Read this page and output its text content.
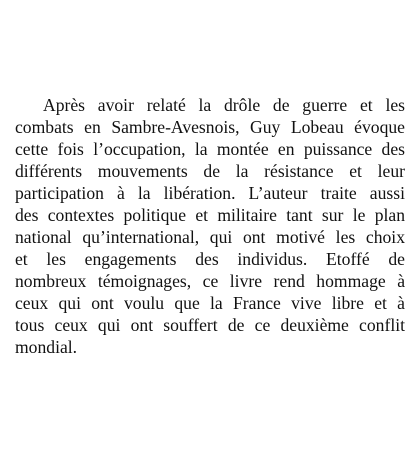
Après avoir relaté la drôle de guerre et les
combats en Sambre-Avesnois, Guy Lobeau évoque
cette fois l’occupation, la montée en puissance des
différents mouvements de la résistance et leur
participation à la libération. L’auteur traite aussi
des contextes politique et militaire tant sur le plan
national qu’international, qui ont motivé les choix
et les engagements des individus. Etoffé de
nombreux témoignages, ce livre rend hommage à
ceux qui ont voulu que la France vive libre et à
tous ceux qui ont souffert de ce deuxième conflit
mondial.
